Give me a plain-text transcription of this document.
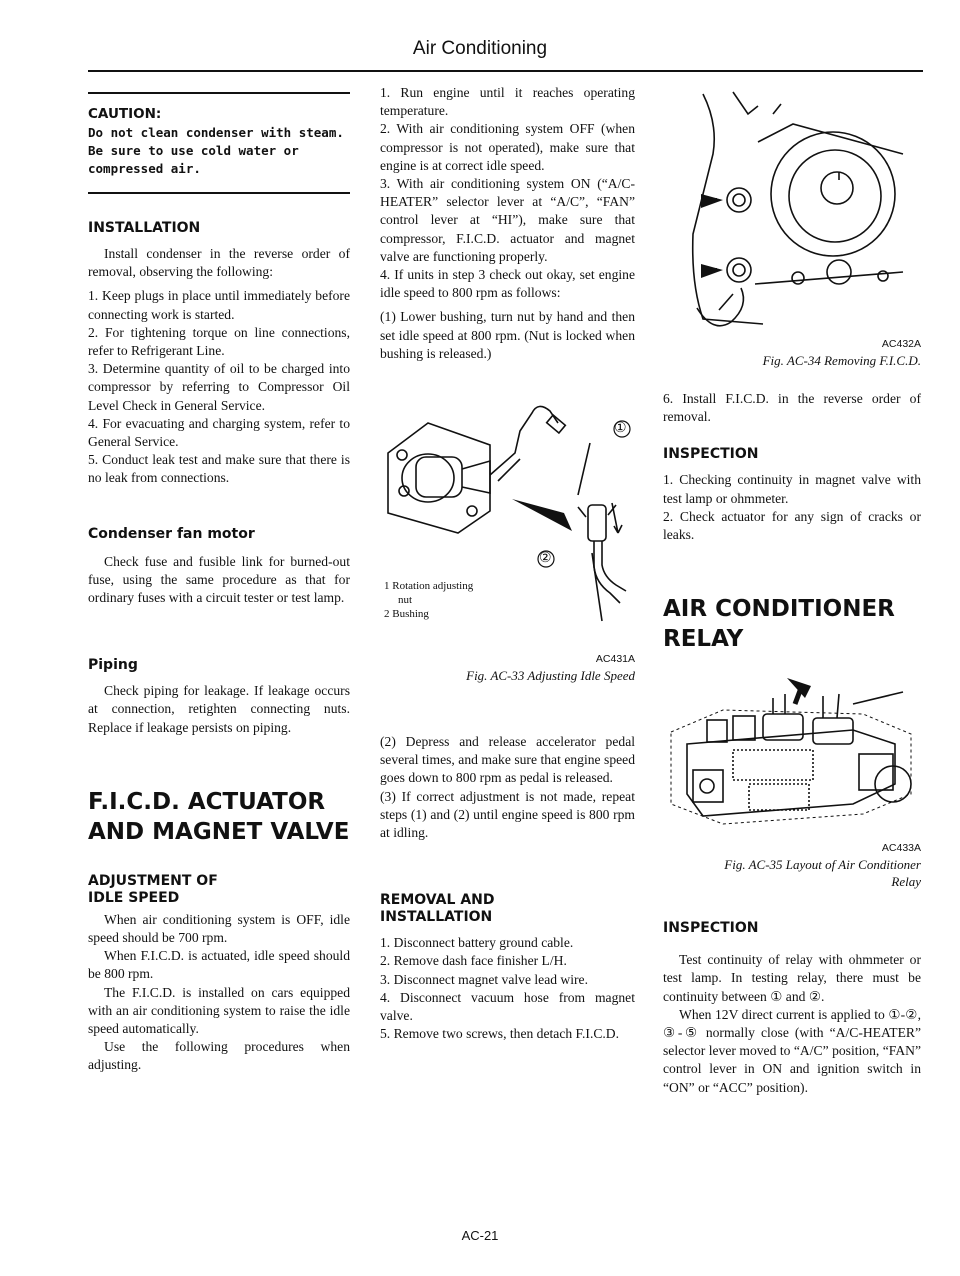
Air Conditioning
CAUTION:
Do not clean condenser with steam. Be sure to use cold water or compressed air.
INSTALLATION

Install condenser in the reverse order of removal, observing the following:

1. Keep plugs in place until immediately before connecting work is started.

2. For tightening torque on line connections, refer to Refrigerant Line.

3. Determine quantity of oil to be charged into compressor by referring to Compressor Oil Level Check in General Service.

4. For evacuating and charging system, refer to General Service.

5. Conduct leak test and make sure that there is no leak from connections.

Condenser fan motor

Check fuse and fusible link for burned-out fuse, using the same procedure as that for ordinary fuses with a circuit tester or test lamp.

Piping

Check piping for leakage. If leakage occurs at connection, retighten connecting nuts. Replace if leakage persists on piping.

F.I.C.D. ACTUATOR
AND MAGNET VALVE
ADJUSTMENT OF
IDLE SPEED

When air conditioning system is OFF, idle speed should be 700 rpm.

When F.I.C.D. is actuated, idle speed should be 800 rpm.

The F.I.C.D. is installed on cars equipped with an air conditioning system to raise the idle speed automatically.

Use the following procedures when adjusting.

1. Run engine until it reaches operating temperature.

2. With air conditioning system OFF (when compressor is not operated), make sure that engine is at correct idle speed.

3. With air conditioning system ON (“A/C-HEATER” selector lever at “A/C”, “FAN” control lever at “HI”), make sure that compressor, F.I.C.D. actuator and magnet valve are functioning properly.

4. If units in step 3 check out okay, set engine idle speed to 800 rpm as follows:

(1) Lower bushing, turn nut by hand and then set idle speed at 800 rpm. (Nut is locked when bushing is released.)

①
②
1 Rotation adjusting
nut
2 Bushing
AC431A
Fig. AC-33 Adjusting Idle Speed

(2) Depress and release accelerator pedal several times, and make sure that engine speed goes down to 800 rpm as pedal is released.

(3) If correct adjustment is not made, repeat steps (1) and (2) until engine speed is 800 rpm at idling.

REMOVAL AND
INSTALLATION

1. Disconnect battery ground cable.

2. Remove dash face finisher L/H.

3. Disconnect magnet valve lead wire.

4. Disconnect vacuum hose from magnet valve.

5. Remove two screws, then detach F.I.C.D.

AC432A
Fig. AC-34 Removing F.I.C.D.

6. Install F.I.C.D. in the reverse order of removal.

INSPECTION

1. Checking continuity in magnet valve with test lamp or ohmmeter.

2. Check actuator for any sign of cracks or leaks.

AIR CONDITIONER
RELAY
AC433A
Fig. AC-35 Layout of Air Conditioner
Relay
INSPECTION

Test continuity of relay with ohmmeter or test lamp. In testing relay, there must be continuity between ① and ②.

When 12V direct current is applied to ①-②, ③-⑤ normally close (with “A/C-HEATER” selector lever moved to “A/C” position, “FAN” control lever in ON and ignition switch in “ON” or “ACC” position).

AC-21
